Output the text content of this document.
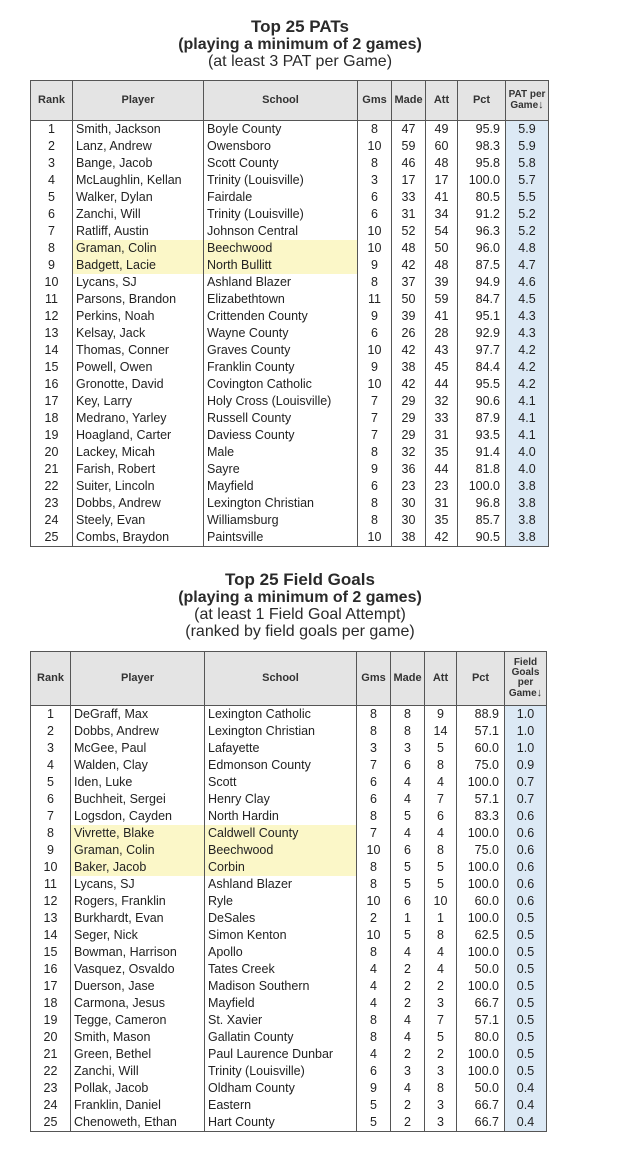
Top 25 PATs
(playing a minimum of 2 games)
(at least 3 PAT per Game)
Rank	Player	School	Gms	Made	Att	Pct	PAT per Game↓
1	Smith, Jackson	Boyle County	8	47	49	95.9	5.9
2	Lanz, Andrew	Owensboro	10	59	60	98.3	5.9
3	Bange, Jacob	Scott County	8	46	48	95.8	5.8
4	McLaughlin, Kellan	Trinity (Louisville)	3	17	17	100.0	5.7
5	Walker, Dylan	Fairdale	6	33	41	80.5	5.5
6	Zanchi, Will	Trinity (Louisville)	6	31	34	91.2	5.2
7	Ratliff, Austin	Johnson Central	10	52	54	96.3	5.2
8	Graman, Colin	Beechwood	10	48	50	96.0	4.8
9	Badgett, Lacie	North Bullitt	9	42	48	87.5	4.7
10	Lycans, SJ	Ashland Blazer	8	37	39	94.9	4.6
11	Parsons, Brandon	Elizabethtown	11	50	59	84.7	4.5
12	Perkins, Noah	Crittenden County	9	39	41	95.1	4.3
13	Kelsay, Jack	Wayne County	6	26	28	92.9	4.3
14	Thomas, Conner	Graves County	10	42	43	97.7	4.2
15	Powell, Owen	Franklin County	9	38	45	84.4	4.2
16	Gronotte, David	Covington Catholic	10	42	44	95.5	4.2
17	Key, Larry	Holy Cross (Louisville)	7	29	32	90.6	4.1
18	Medrano, Yarley	Russell County	7	29	33	87.9	4.1
19	Hoagland, Carter	Daviess County	7	29	31	93.5	4.1
20	Lackey, Micah	Male	8	32	35	91.4	4.0
21	Farish, Robert	Sayre	9	36	44	81.8	4.0
22	Suiter, Lincoln	Mayfield	6	23	23	100.0	3.8
23	Dobbs, Andrew	Lexington Christian	8	30	31	96.8	3.8
24	Steely, Evan	Williamsburg	8	30	35	85.7	3.8
25	Combs, Braydon	Paintsville	10	38	42	90.5	3.8
Top 25 Field Goals
(playing a minimum of 2 games)
(at least 1 Field Goal Attempt)
(ranked by field goals per game)
Rank	Player	School	Gms	Made	Att	Pct	Field Goals per Game↓
1	DeGraff, Max	Lexington Catholic	8	8	9	88.9	1.0
2	Dobbs, Andrew	Lexington Christian	8	8	14	57.1	1.0
3	McGee, Paul	Lafayette	3	3	5	60.0	1.0
4	Walden, Clay	Edmonson County	7	6	8	75.0	0.9
5	Iden, Luke	Scott	6	4	4	100.0	0.7
6	Buchheit, Sergei	Henry Clay	6	4	7	57.1	0.7
7	Logsdon, Cayden	North Hardin	8	5	6	83.3	0.6
8	Vivrette, Blake	Caldwell County	7	4	4	100.0	0.6
9	Graman, Colin	Beechwood	10	6	8	75.0	0.6
10	Baker, Jacob	Corbin	8	5	5	100.0	0.6
11	Lycans, SJ	Ashland Blazer	8	5	5	100.0	0.6
12	Rogers, Franklin	Ryle	10	6	10	60.0	0.6
13	Burkhardt, Evan	DeSales	2	1	1	100.0	0.5
14	Seger, Nick	Simon Kenton	10	5	8	62.5	0.5
15	Bowman, Harrison	Apollo	8	4	4	100.0	0.5
16	Vasquez, Osvaldo	Tates Creek	4	2	4	50.0	0.5
17	Duerson, Jase	Madison Southern	4	2	2	100.0	0.5
18	Carmona, Jesus	Mayfield	4	2	3	66.7	0.5
19	Tegge, Cameron	St. Xavier	8	4	7	57.1	0.5
20	Smith, Mason	Gallatin County	8	4	5	80.0	0.5
21	Green, Bethel	Paul Laurence Dunbar	4	2	2	100.0	0.5
22	Zanchi, Will	Trinity (Louisville)	6	3	3	100.0	0.5
23	Pollak, Jacob	Oldham County	9	4	8	50.0	0.4
24	Franklin, Daniel	Eastern	5	2	3	66.7	0.4
25	Chenoweth, Ethan	Hart County	5	2	3	66.7	0.4
